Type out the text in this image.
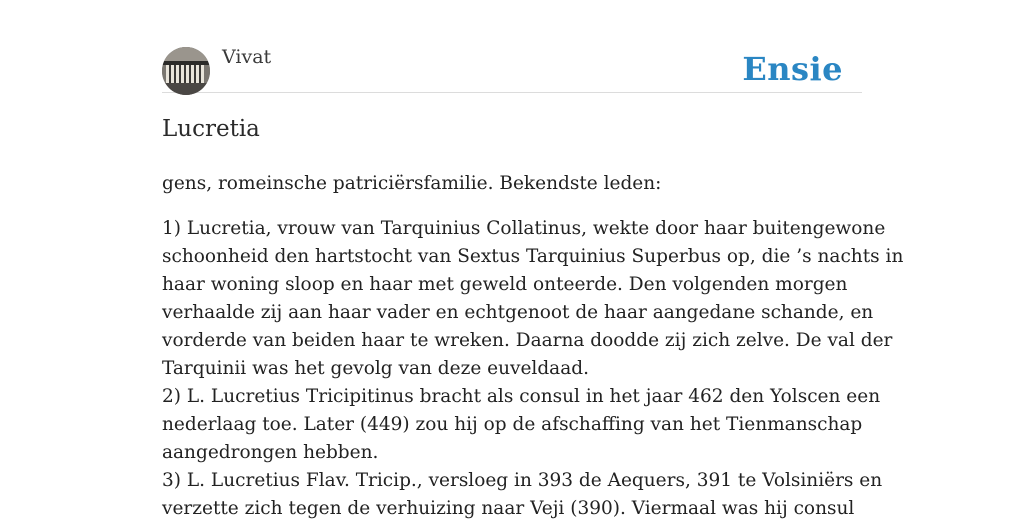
Vivat	Ensie
Lucretia

gens, romeinsche patriciërsfamilie. Bekendste leden:

1) Lucretia, vrouw van Tarquinius Collatinus, wekte door haar buitengewone
schoonheid den hartstocht van Sextus Tarquinius Superbus op, die ’s nachts in
haar woning sloop en haar met geweld onteerde. Den volgenden morgen
verhaalde zij aan haar vader en echtgenoot de haar aangedane schande, en
vorderde van beiden haar te wreken. Daarna doodde zij zich zelve. De val der
Tarquinii was het gevolg van deze euveldaad.
2) L. Lucretius Tricipitinus bracht als consul in het jaar 462 den Yolscen een
nederlaag toe. Later (449) zou hij op de afschaffing van het Tienmanschap
aangedrongen hebben.
3) L. Lucretius Flav. Tricip., versloeg in 393 de Aequers, 391 te Volsiniërs en
verzette zich tegen de verhuizing naar Veji (390). Viermaal was hij consul
